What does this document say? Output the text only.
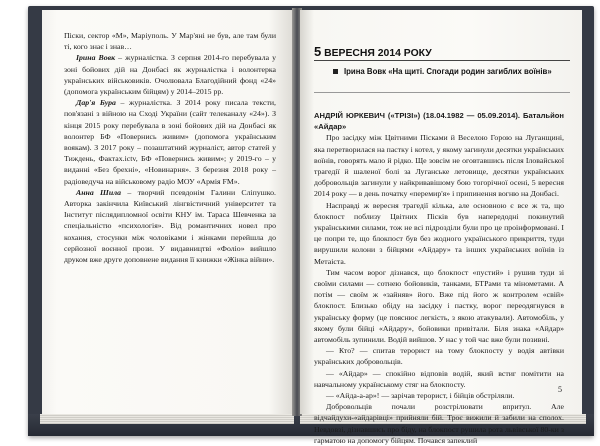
Піски, сектор «М», Маріуполь. У Мар'яні не був, але там були ті, кого знає і знав…

Ірина Вовк – журналістка. З серпня 2014-го перебувала у зоні бойових дій на Донбасі як журналістка і волонтерка українських військовиків. Очолювала Благодійний фонд «24» (допомога українським бійцям) у 2014–2015 рр.

Дар'я Бура – журналістка. З 2014 року писала тексти, пов'язані з війною на Сході України (сайт телеканалу «24»). З кінця 2015 року перебувала в зоні бойових дій на Донбасі як волонтер БФ «Повернись живим» (допомога українським воякам). З 2017 року – позаштатний журналіст, автор статей у Тиждень, Фактах.ictv, БФ «Повернись живим»; у 2019-го – у виданні «Без брехні», «Новинарня». З березня 2018 року – радіоведуча на військовому радіо МОУ «Армія FM».

Анна Шила – творчий псевдонім Галини Сліпушко. Авторка закінчила Київський лінгвістичний університет та Інститут післядипломної освіти КНУ ім. Тараса Шевченка за спеціальністю «психологія». Від романтичних новел про кохання, стосунки між чоловіками і жінками перейшла до серйозної воєнної прози. У видавництві «Фоліо» вийшло друком вже друге доповнене видання її книжки «Жінка війни».

5 ВЕРЕСНЯ 2014 РОКУ
Ірина Вовк «На щиті. Спогади родин загиблих воїнів»

АНДРІЙ ЮРКЕВИЧ («ТРІЗІ») (18.04.1982 — 05.09.2014). Батальйон «Айдар»

Про засідку між Цвітними Пісками й Веселою Горою на Луганщині, яка перетворилася на пастку і котел, у якому загинули десятки українських воїнів, говорять мало й рідко. Ще зовсім не оговтавшись після Іловайської трагедії й шаленої болі за Луганське летовище, десятки українських добровольців загинули у найкривавішому бою тогорічної осені, 5 вересня 2014 року — в день початку «перемир'я» і припинення вогню на Донбасі.

Насправді ж вересня трагедії кілька, але основною є все ж та, що блокпост поблизу Цвітних Пісків був напередодні покинутий українськими силами, тож не всі підрозділи були про це проінформовані. І це попри те, що блокпост був без жодного українського прикриття, туди вирушили колони з бійцями «Айдару» та інших українських воїнів із Метаіста.

Тим часом ворог дізнався, що блокпост «пустий» і рушив туди зі своїми силами — сотнею бойовиків, танками, БТРами та мінометами. А потім — своїм ж «зайняв» його. Вже під його ж контролем «свій» блокпост. Близько обіду на засідку і пастку, ворог переодягнувся в українську форму (це пояснює легкість, з якою атакували). Автомобіль, у якому були бійці «Айдару», бойовики привітали. Біля знака «Айдар» автомобіль зупинили. Водій вийшов. У нас у той час вже були позивні.

— Кто? — спитав терорист на тому блокпосту у водія автівки українських добровольців.

— «Айдар» — спокійно відповів водій, який встиг помітити на навчальному українському стяг на блокпосту.

— «Айда-а-ар»! — зарічав терорист, і бійців обстріляли.

Добровольців почали розстрілювати впритул. Але відчайдухи-«айдарівці» прийняли бій. Троє вижили й забили на сполох. Невдовзі, дізнавшись про біду, на блокпост рушила рота львівської 80-ки з гарматою на допомогу бійцям. Почався запеклий

5
